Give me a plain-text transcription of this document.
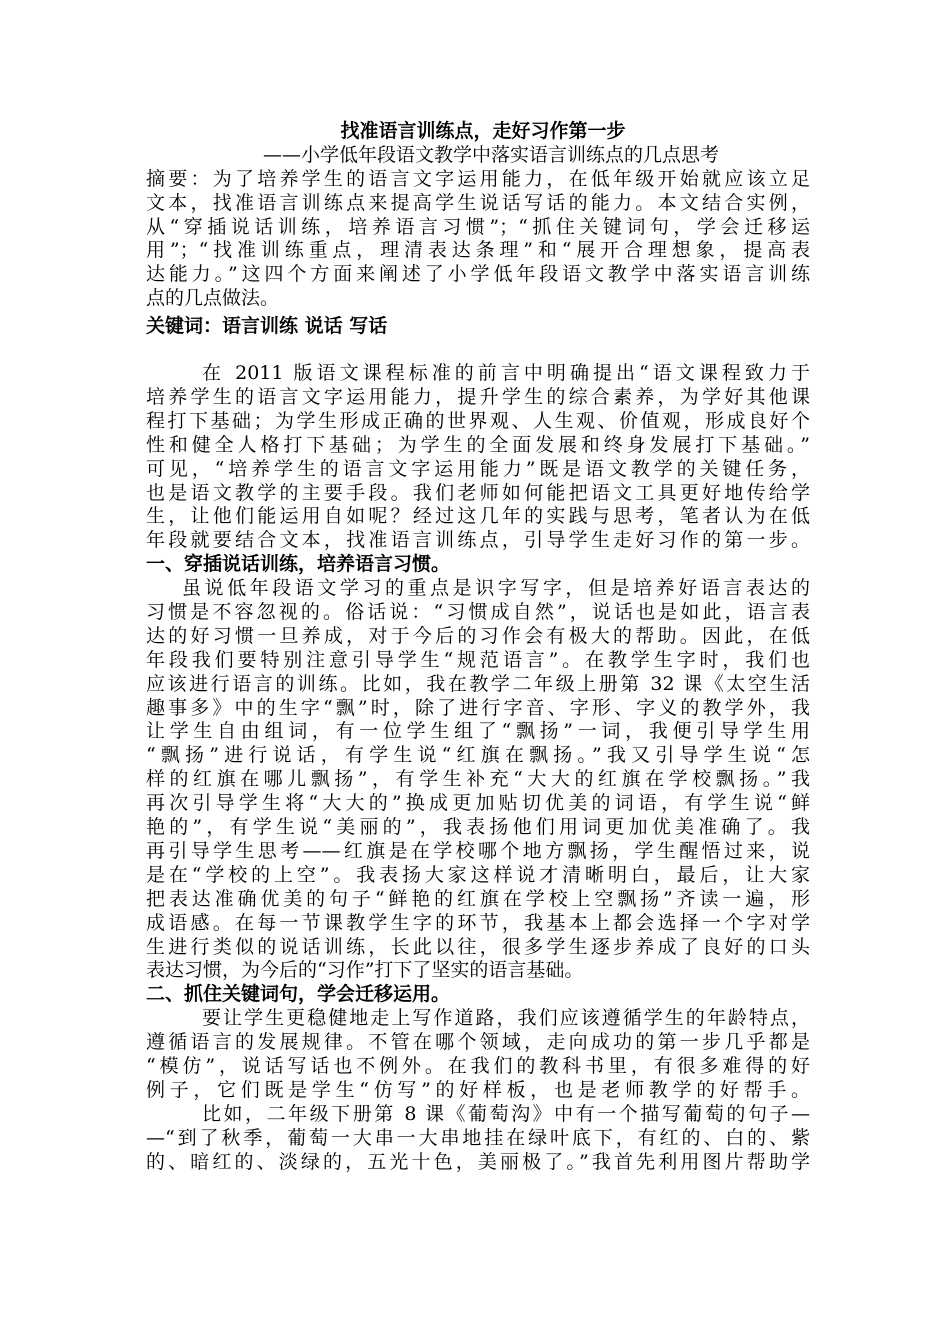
找准语言训练点，走好习作第一步
——小学低年段语文教学中落实语言训练点的几点思考
摘要：为了培养学生的语言文字运用能力，在低年级开始就应该立足
文本，找准语言训练点来提高学生说话写话的能力。本文结合实例，
从“穿插说话训练，培养语言习惯”；“抓住关键词句，学会迁移运
用”；“找准训练重点，理清表达条理”和“展开合理想象，提高表
达能力。”这四个方面来阐述了小学低年段语文教学中落实语言训练
点的几点做法。
关键词：语言训练 说话 写话
在 2011 版语文课程标准的前言中明确提出“语文课程致力于
培养学生的语言文字运用能力，提升学生的综合素养，为学好其他课
程打下基础；为学生形成正确的世界观、人生观、价值观，形成良好个
性和健全人格打下基础；为学生的全面发展和终身发展打下基础。”
可见，“培养学生的语言文字运用能力”既是语文教学的关键任务，
也是语文教学的主要手段。我们老师如何能把语文工具更好地传给学
生，让他们能运用自如呢？经过这几年的实践与思考，笔者认为在低
年段就要结合文本，找准语言训练点，引导学生走好习作的第一步。
一、穿插说话训练，培养语言习惯。
虽说低年段语文学习的重点是识字写字，但是培养好语言表达的
习惯是不容忽视的。俗话说：“习惯成自然”，说话也是如此，语言表
达的好习惯一旦养成，对于今后的习作会有极大的帮助。因此，在低
年段我们要特别注意引导学生“规范语言”。在教学生字时，我们也
应该进行语言的训练。比如，我在教学二年级上册第 32 课《太空生活
趣事多》中的生字“飘”时，除了进行字音、字形、字义的教学外，我
让学生自由组词，有一位学生组了“飘扬”一词，我便引导学生用
“飘扬”进行说话，有学生说“红旗在飘扬。”我又引导学生说“怎
样的红旗在哪儿飘扬”，有学生补充“大大的红旗在学校飘扬。”我
再次引导学生将“大大的”换成更加贴切优美的词语，有学生说“鲜
艳的”，有学生说“美丽的”，我表扬他们用词更加优美准确了。我
再引导学生思考——红旗是在学校哪个地方飘扬，学生醒悟过来，说
是在“学校的上空”。我表扬大家这样说才清晰明白，最后，让大家
把表达准确优美的句子“鲜艳的红旗在学校上空飘扬”齐读一遍，形
成语感。在每一节课教学生字的环节，我基本上都会选择一个字对学
生进行类似的说话训练，长此以往，很多学生逐步养成了良好的口头
表达习惯，为今后的“习作”打下了坚实的语言基础。
二、抓住关键词句，学会迁移运用。
要让学生更稳健地走上写作道路，我们应该遵循学生的年龄特点，
遵循语言的发展规律。不管在哪个领域，走向成功的第一步几乎都是
“模仿”，说话写话也不例外。在我们的教科书里，有很多难得的好
例子，它们既是学生“仿写”的好样板，也是老师教学的好帮手。
比如，二年级下册第 8 课《葡萄沟》中有一个描写葡萄的句子—
—“到了秋季，葡萄一大串一大串地挂在绿叶底下，有红的、白的、紫
的、暗红的、淡绿的，五光十色，美丽极了。”我首先利用图片帮助学
